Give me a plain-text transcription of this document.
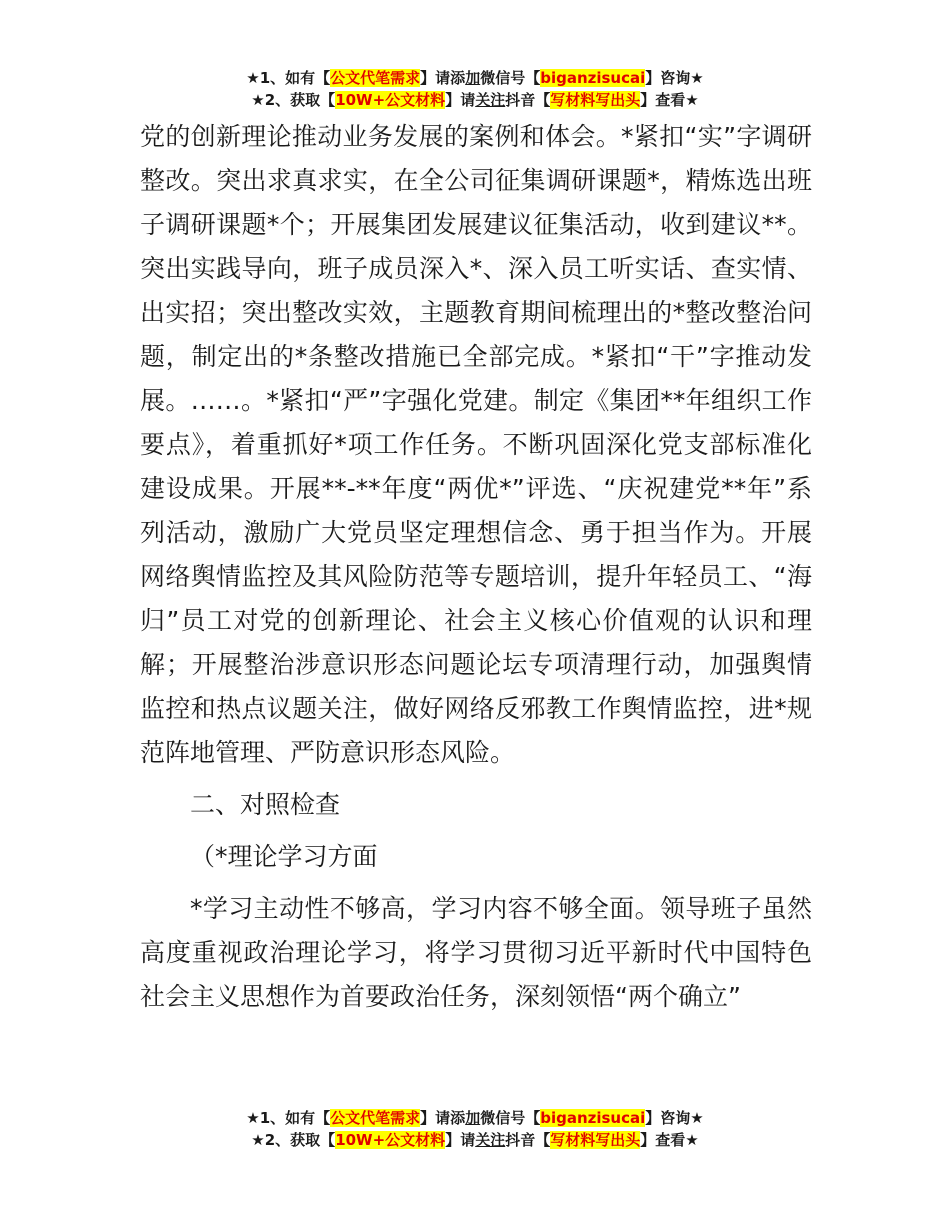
★1、如有【公文代笔需求】请添加微信号【biganzisucai】咨询★
★2、获取【10W+公文材料】请关注抖音【写材料写出头】查看★

党的创新理论推动业务发展的案例和体会。*紧扣“实”字调研整改。突出求真求实，在全公司征集调研课题*，精炼选出班子调研课题*个；开展集团发展建议征集活动，收到建议**。突出实践导向，班子成员深入*、深入员工听实话、查实情、出实招；突出整改实效，主题教育期间梳理出的*整改整治问题，制定出的*条整改措施已全部完成。*紧扣“干”字推动发展。……。*紧扣“严”字强化党建。制定《集团**年组织工作要点》，着重抓好*项工作任务。不断巩固深化党支部标准化建设成果。开展**-**年度“两优*”评选、“庆祝建党**年”系列活动，激励广大党员坚定理想信念、勇于担当作为。开展网络舆情监控及其风险防范等专题培训，提升年轻员工、“海归”员工对党的创新理论、社会主义核心价值观的认识和理解；开展整治涉意识形态问题论坛专项清理行动，加强舆情监控和热点议题关注，做好网络反邪教工作舆情监控，进*规范阵地管理、严防意识形态风险。

二、对照检查

（*理论学习方面

*学习主动性不够高，学习内容不够全面。领导班子虽然高度重视政治理论学习，将学习贯彻习近平新时代中国特色社会主义思想作为首要政治任务，深刻领悟“两个确立”

★1、如有【公文代笔需求】请添加微信号【biganzisucai】咨询★
★2、获取【10W+公文材料】请关注抖音【写材料写出头】查看★
